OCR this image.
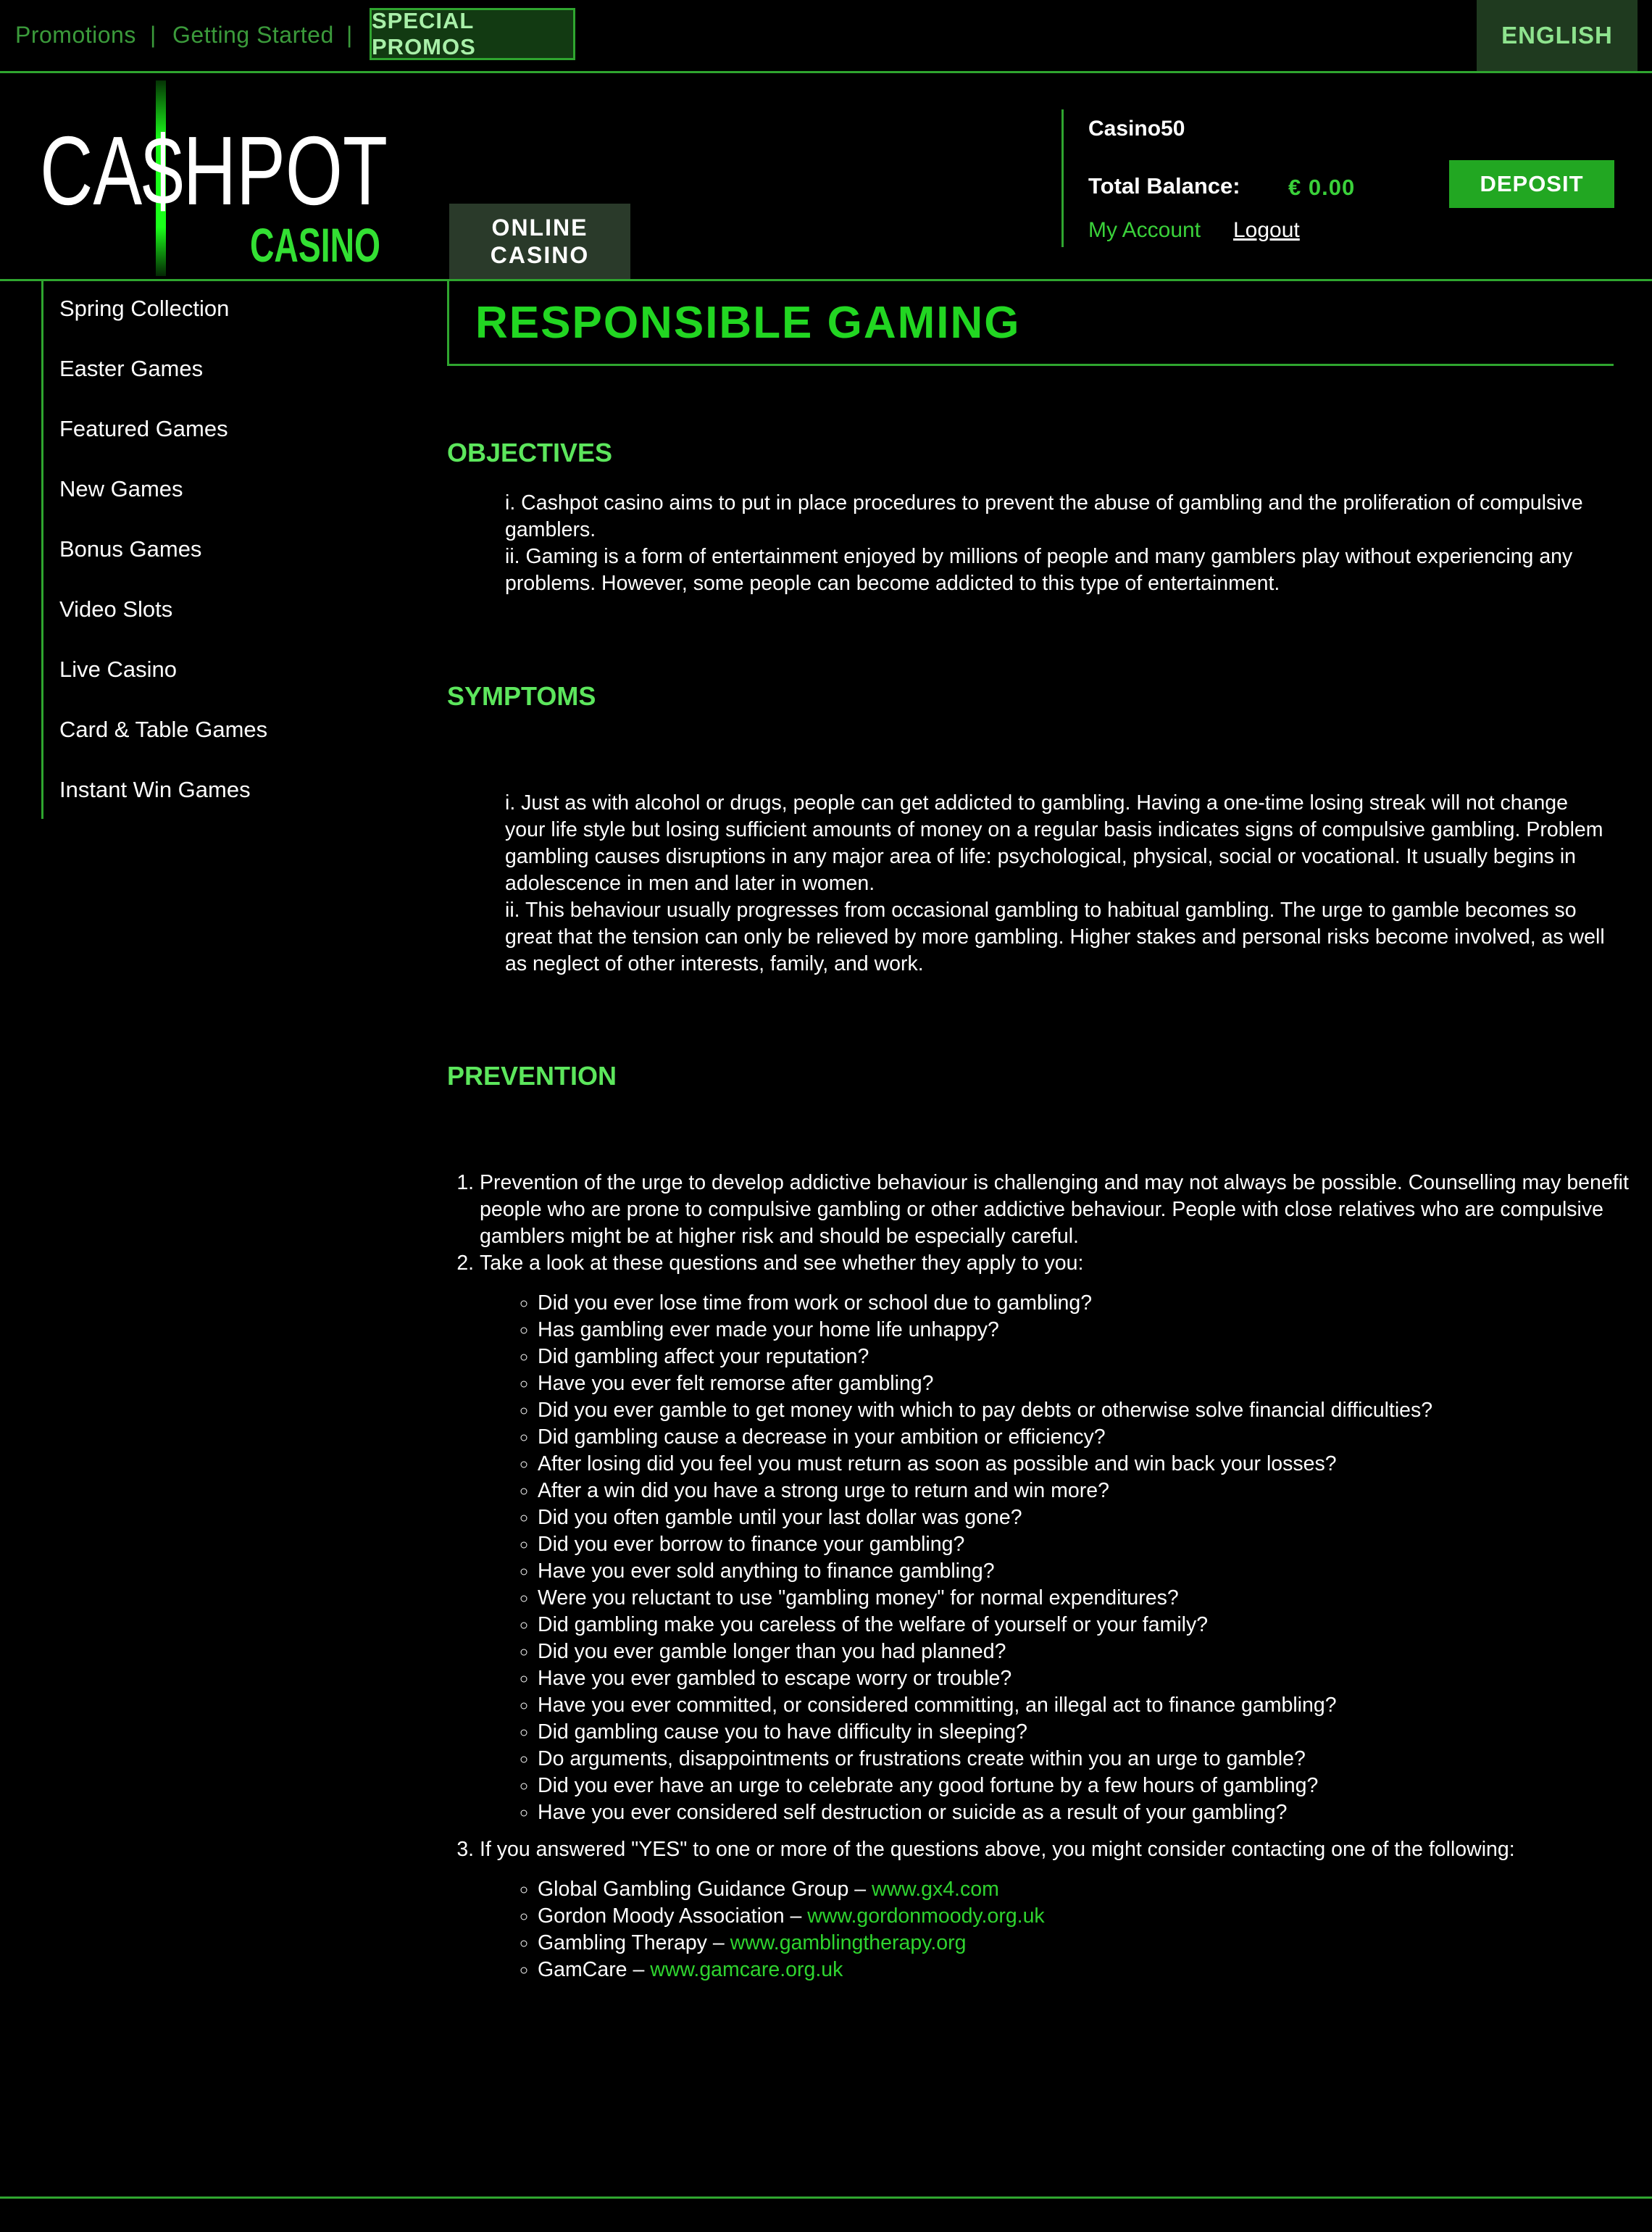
Promotions | Getting Started |
SPECIAL PROMOS	ENGLISH
CA$HPOT
CASINO	ONLINE
CASINO
Casino50
Total Balance: € 0.00	DEPOSIT
My Account Logout
Spring Collection
Easter Games
Featured Games
New Games
Bonus Games
Video Slots
Live Casino
Card & Table Games
Instant Win Games
RESPONSIBLE GAMING
OBJECTIVES
i. Cashpot casino aims to put in place procedures to prevent the abuse of gambling and the proliferation of compulsive gamblers.
ii. Gaming is a form of entertainment enjoyed by millions of people and many gamblers play without experiencing any problems. However, some people can become addicted to this type of entertainment.
SYMPTOMS
i. Just as with alcohol or drugs, people can get addicted to gambling. Having a one-time losing streak will not change your life style but losing sufficient amounts of money on a regular basis indicates signs of compulsive gambling. Problem gambling causes disruptions in any major area of life: psychological, physical, social or vocational. It usually begins in adolescence in men and later in women.
ii. This behaviour usually progresses from occasional gambling to habitual gambling. The urge to gamble becomes so great that the tension can only be relieved by more gambling. Higher stakes and personal risks become involved, as well as neglect of other interests, family, and work.
PREVENTION
1. Prevention of the urge to develop addictive behaviour is challenging and may not always be possible. Counselling may benefit people who are prone to compulsive gambling or other addictive behaviour. People with close relatives who are compulsive gamblers might be at higher risk and should be especially careful.
2. Take a look at these questions and see whether they apply to you:
◦ Did you ever lose time from work or school due to gambling?
◦ Has gambling ever made your home life unhappy?
◦ Did gambling affect your reputation?
◦ Have you ever felt remorse after gambling?
◦ Did you ever gamble to get money with which to pay debts or otherwise solve financial difficulties?
◦ Did gambling cause a decrease in your ambition or efficiency?
◦ After losing did you feel you must return as soon as possible and win back your losses?
◦ After a win did you have a strong urge to return and win more?
◦ Did you often gamble until your last dollar was gone?
◦ Did you ever borrow to finance your gambling?
◦ Have you ever sold anything to finance gambling?
◦ Were you reluctant to use "gambling money" for normal expenditures?
◦ Did gambling make you careless of the welfare of yourself or your family?
◦ Did you ever gamble longer than you had planned?
◦ Have you ever gambled to escape worry or trouble?
◦ Have you ever committed, or considered committing, an illegal act to finance gambling?
◦ Did gambling cause you to have difficulty in sleeping?
◦ Do arguments, disappointments or frustrations create within you an urge to gamble?
◦ Did you ever have an urge to celebrate any good fortune by a few hours of gambling?
◦ Have you ever considered self destruction or suicide as a result of your gambling?
3. If you answered "YES" to one or more of the questions above, you might consider contacting one of the following:
◦ Global Gambling Guidance Group – www.gx4.com
◦ Gordon Moody Association – www.gordonmoody.org.uk
◦ Gambling Therapy – www.gamblingtherapy.org
◦ GamCare – www.gamcare.org.uk
